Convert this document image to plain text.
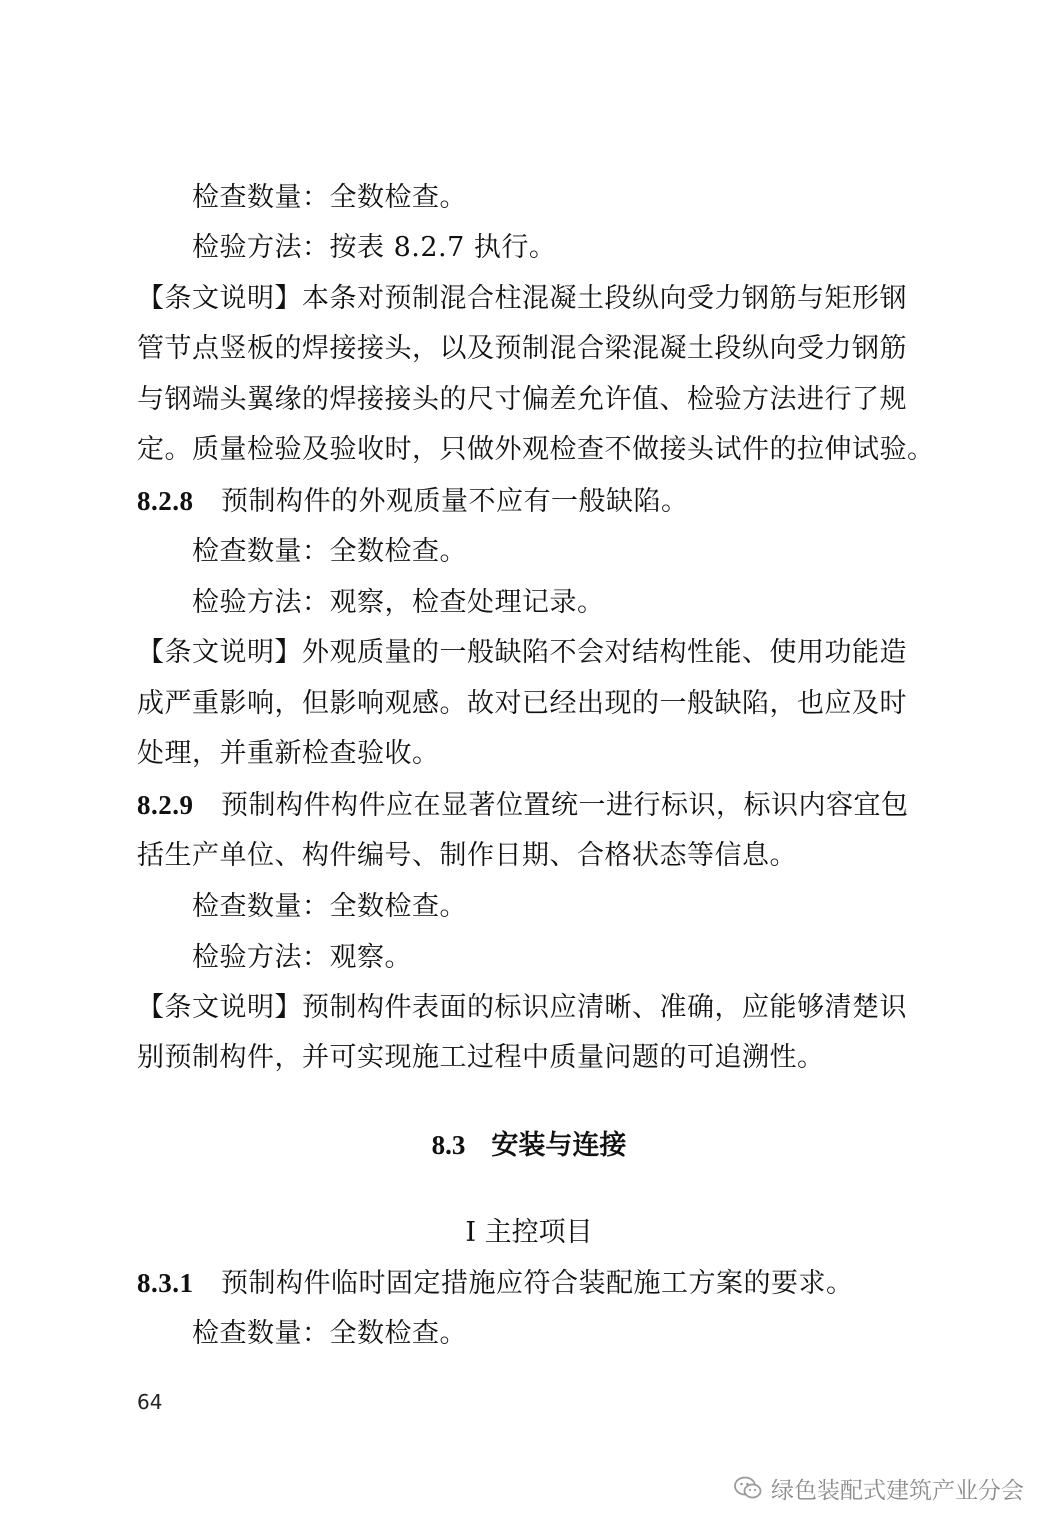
检查数量：全数检查。
检验方法：按表 8.2.7 执行。
【条文说明】本条对预制混合柱混凝土段纵向受力钢筋与矩形钢
管节点竖板的焊接接头，以及预制混合梁混凝土段纵向受力钢筋
与钢端头翼缘的焊接接头的尺寸偏差允许值、检验方法进行了规
定。质量检验及验收时，只做外观检查不做接头试件的拉伸试验。
8.2.8 预制构件的外观质量不应有一般缺陷。
检查数量：全数检查。
检验方法：观察，检查处理记录。
【条文说明】外观质量的一般缺陷不会对结构性能、使用功能造
成严重影响，但影响观感。故对已经出现的一般缺陷，也应及时
处理，并重新检查验收。
8.2.9 预制构件构件应在显著位置统一进行标识，标识内容宜包
括生产单位、构件编号、制作日期、合格状态等信息。
检查数量：全数检查。
检验方法：观察。
【条文说明】预制构件表面的标识应清晰、准确，应能够清楚识
别预制构件，并可实现施工过程中质量问题的可追溯性。
8.3 安装与连接
Ⅰ 主控项目
8.3.1 预制构件临时固定措施应符合装配施工方案的要求。
检查数量：全数检查。
64
绿色装配式建筑产业分会
